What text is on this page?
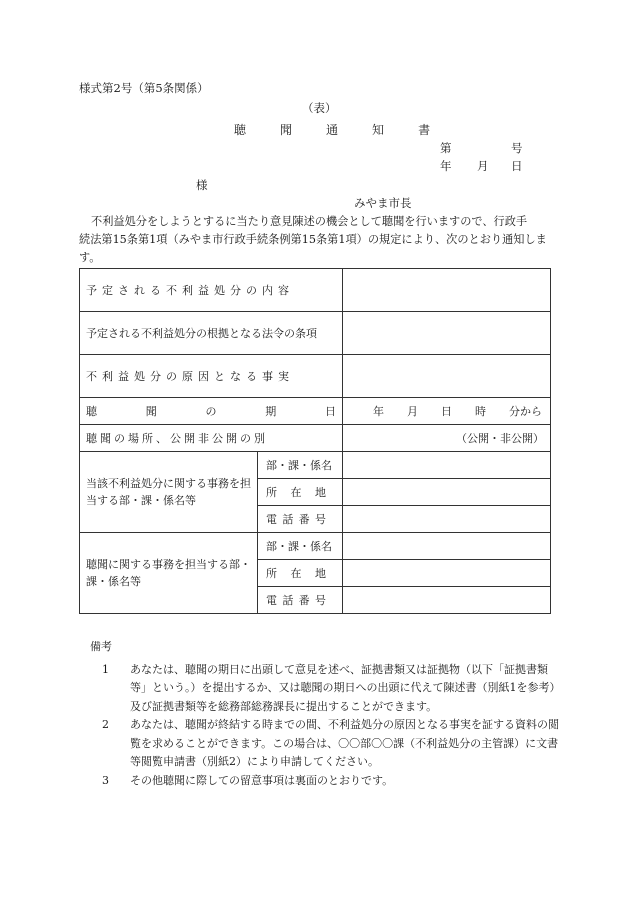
様式第2号（第5条関係）
（表）
聴	聞	通	知	書
第	号
年 月 日
様
みやま市長

不利益処分をしようとするに当たり意見陳述の機会として聴聞を行いますので、行政手

続法第15条第1項（みやま市行政手続条例第15条第1項）の規定により、次のとおり通知しま

す。

予定される不利益処分の内容		
予定される不利益処分の根拠となる法令の条項		
不利益処分の原因となる事実		

聴 聞 の 期 日		年 月 日 時 分から

聴聞の場所、公開非公開の別		（公開・非公開）
当該不利益処分に関する事務を担当する部・課・係名等	部・課・係名	

	所 在 地	

	電 話 番 号	

聴聞に関する事務を担当する部・課・係名等	部・課・係名	

	所 在 地	

	電 話 番 号	

備考
1	あなたは、聴聞の期日に出頭して意見を述べ、証拠書類又は証拠物（以下「証拠書類等」という。）を提出するか、又は聴聞の期日への出頭に代えて陳述書（別紙1を参考）及び証拠書類等を総務部総務課長に提出することができます。
2	あなたは、聴聞が終結する時までの間、不利益処分の原因となる事実を証する資料の閲覧を求めることができます。この場合は、〇〇部〇〇課（不利益処分の主管課）に文書等閲覧申請書（別紙2）により申請してください。
3	その他聴聞に際しての留意事項は裏面のとおりです。
